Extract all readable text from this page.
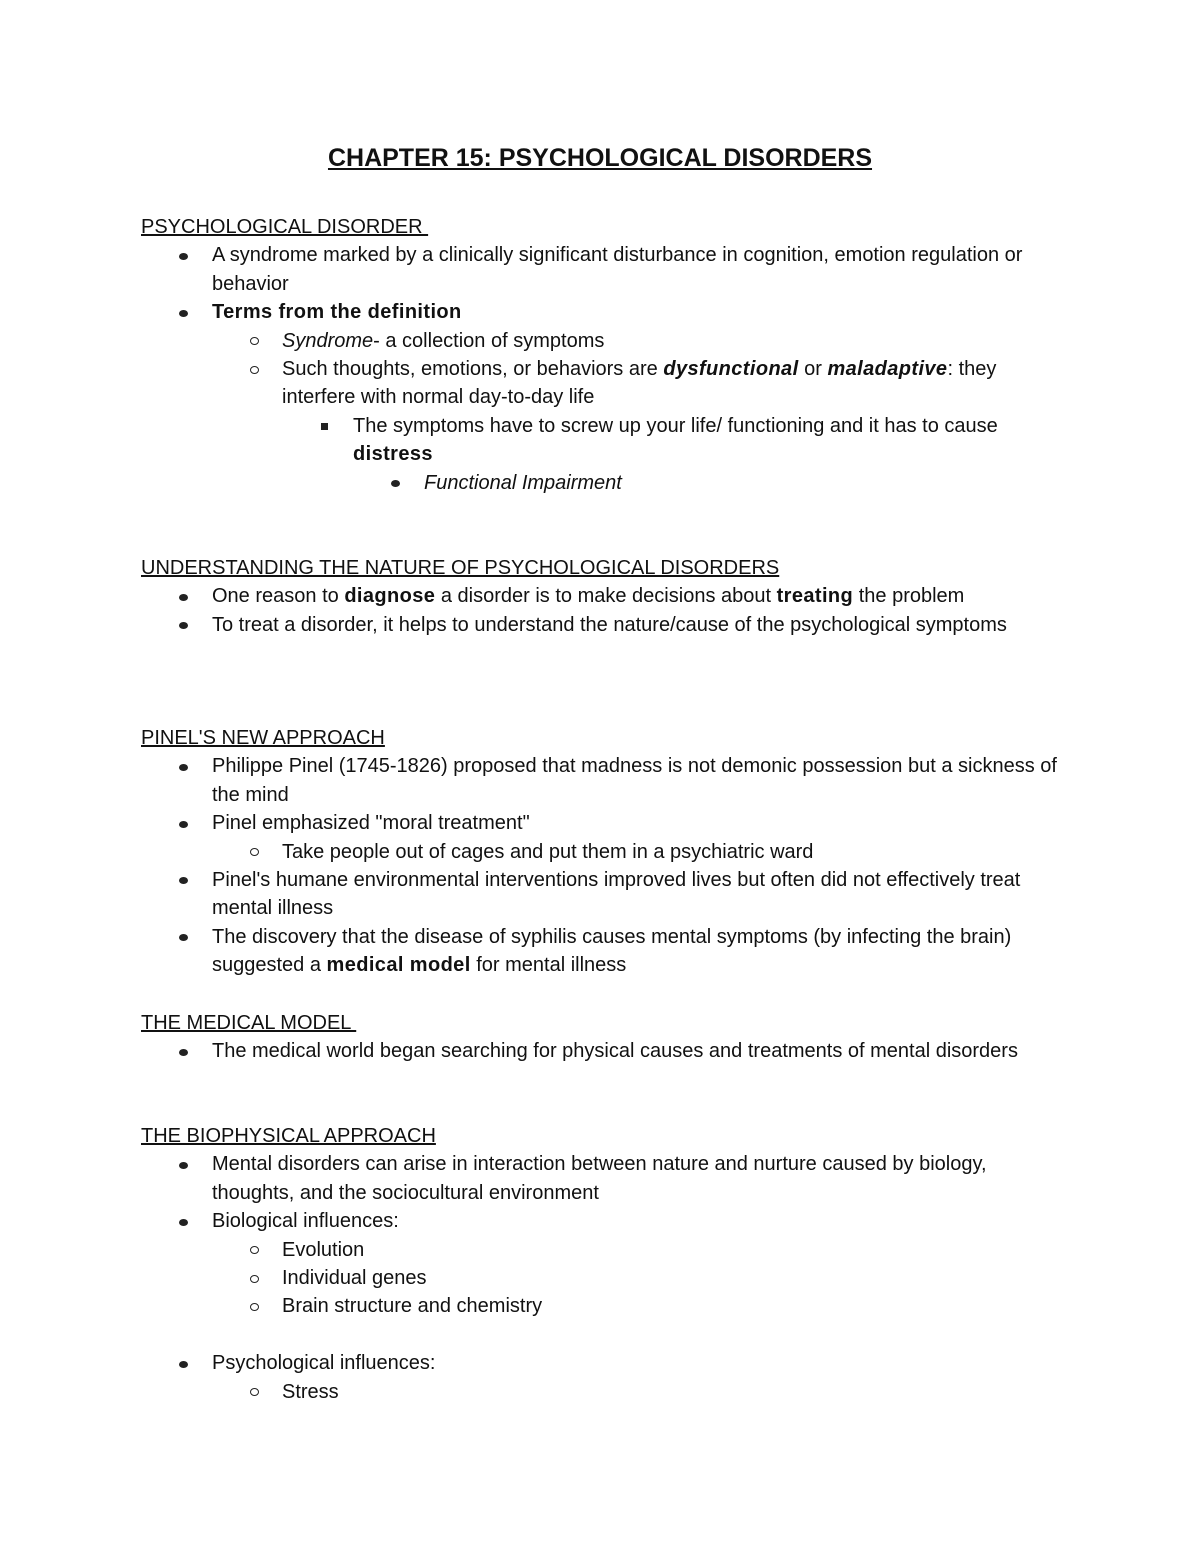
CHAPTER 15: PSYCHOLOGICAL DISORDERS
PSYCHOLOGICAL DISORDER
A syndrome marked by a clinically significant disturbance in cognition, emotion regulation or behavior
Terms from the definition
Syndrome- a collection of symptoms
Such thoughts, emotions, or behaviors are dysfunctional or maladaptive: they interfere with normal day-to-day life
The symptoms have to screw up your life/ functioning and it has to cause distress
Functional Impairment
UNDERSTANDING THE NATURE OF PSYCHOLOGICAL DISORDERS
One reason to diagnose a disorder is to make decisions about treating the problem
To treat a disorder, it helps to understand the nature/cause of the psychological symptoms
PINEL'S NEW APPROACH
Philippe Pinel (1745-1826) proposed that madness is not demonic possession but a sickness of the mind
Pinel emphasized "moral treatment"
Take people out of cages and put them in a psychiatric ward
Pinel's humane environmental interventions improved lives but often did not effectively treat mental illness
The discovery that the disease of syphilis causes mental symptoms (by infecting the brain) suggested a medical model for mental illness
THE MEDICAL MODEL
The medical world began searching for physical causes and treatments of mental disorders
THE BIOPHYSICAL APPROACH
Mental disorders can arise in interaction between nature and nurture caused by biology, thoughts, and the sociocultural environment
Biological influences:
Evolution
Individual genes
Brain structure and chemistry
Psychological influences:
Stress
